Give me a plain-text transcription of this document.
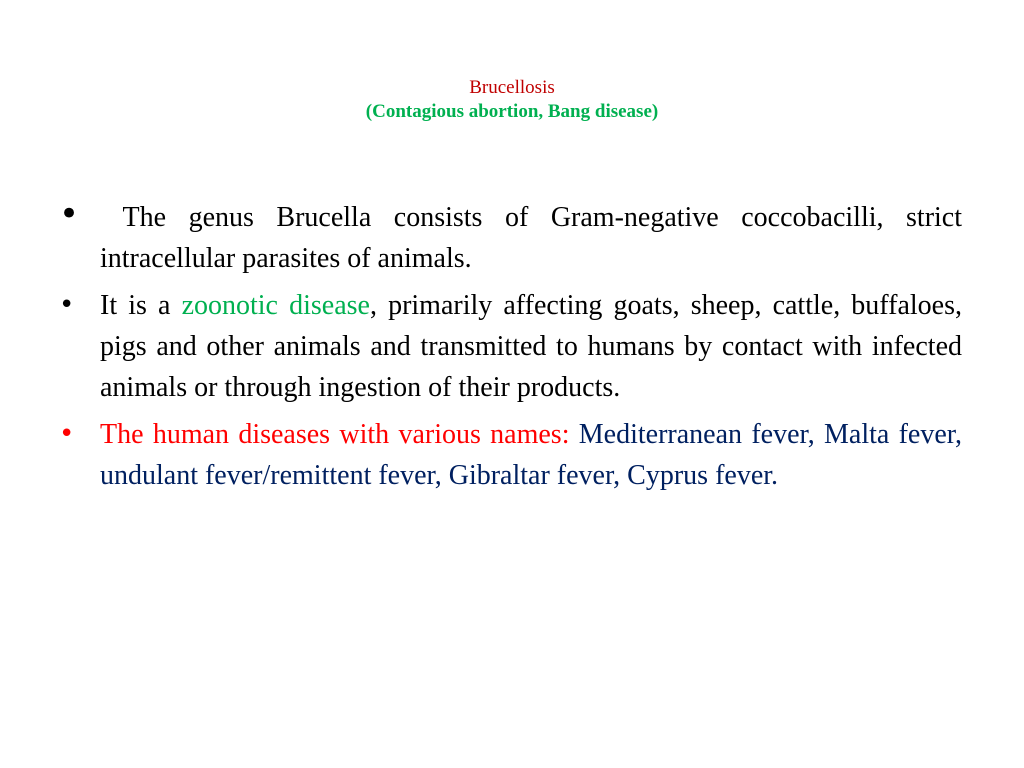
Brucellosis
(Contagious abortion, Bang disease)
• The genus Brucella consists of Gram-negative coccobacilli, strict intracellular parasites of animals.
• It is a zoonotic disease, primarily affecting goats, sheep, cattle, buffaloes, pigs and other animals and transmitted to humans by contact with infected animals or through ingestion of their products.
• The human diseases with various names: Mediterranean fever, Malta fever, undulant fever/remittent fever, Gibraltar fever, Cyprus fever.
